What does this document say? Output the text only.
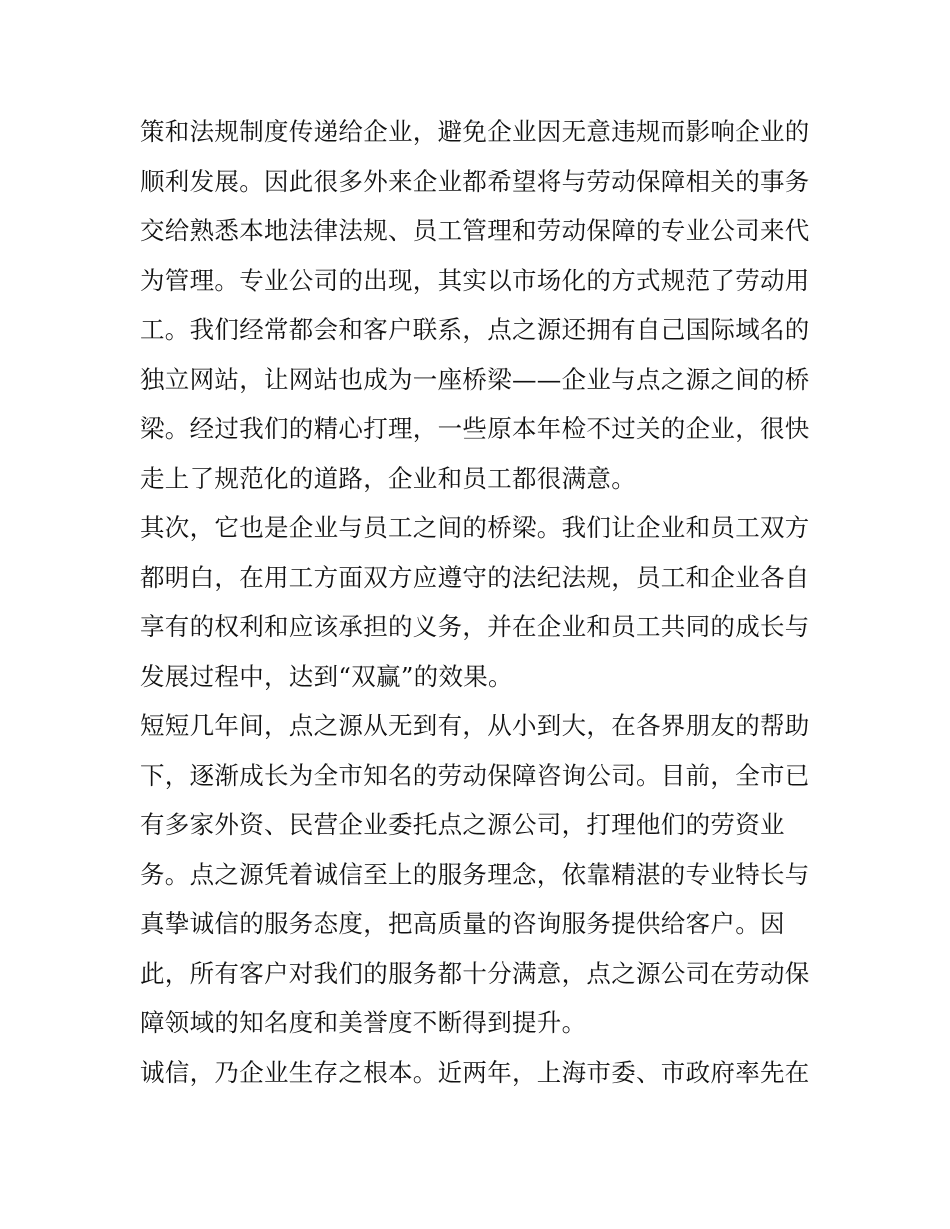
策和法规制度传递给企业，避免企业因无意违规而影响企业的
顺利发展。因此很多外来企业都希望将与劳动保障相关的事务
交给熟悉本地法律法规、员工管理和劳动保障的专业公司来代
为管理。专业公司的出现，其实以市场化的方式规范了劳动用
工。我们经常都会和客户联系，点之源还拥有自己国际域名的
独立网站，让网站也成为一座桥梁——企业与点之源之间的桥
梁。经过我们的精心打理，一些原本年检不过关的企业，很快
走上了规范化的道路，企业和员工都很满意。
其次，它也是企业与员工之间的桥梁。我们让企业和员工双方
都明白，在用工方面双方应遵守的法纪法规，员工和企业各自
享有的权利和应该承担的义务，并在企业和员工共同的成长与
发展过程中，达到“双赢”的效果。
短短几年间，点之源从无到有，从小到大，在各界朋友的帮助
下，逐渐成长为全市知名的劳动保障咨询公司。目前，全市已
有多家外资、民营企业委托点之源公司，打理他们的劳资业
务。点之源凭着诚信至上的服务理念，依靠精湛的专业特长与
真挚诚信的服务态度，把高质量的咨询服务提供给客户。因
此，所有客户对我们的服务都十分满意，点之源公司在劳动保
障领域的知名度和美誉度不断得到提升。
诚信，乃企业生存之根本。近两年，上海市委、市政府率先在
